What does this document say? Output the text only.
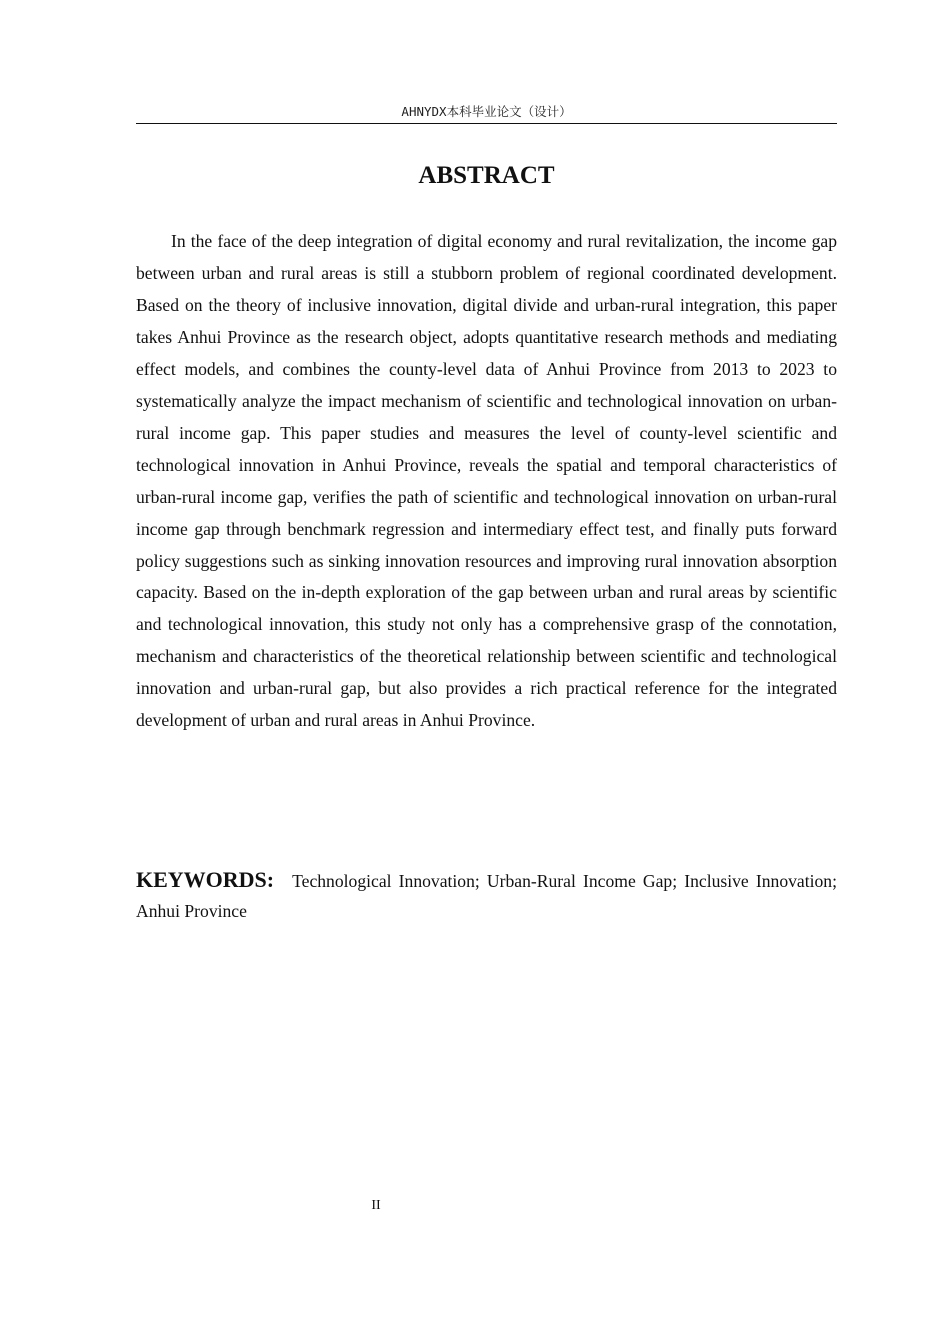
AHNYDX本科毕业论文（设计）
ABSTRACT

In the face of the deep integration of digital economy and rural revitalization, the income gap between urban and rural areas is still a stubborn problem of regional coordinated development. Based on the theory of inclusive innovation, digital divide and urban-rural integration, this paper takes Anhui Province as the research object, adopts quantitative research methods and mediating effect models, and combines the county-level data of Anhui Province from 2013 to 2023 to systematically analyze the impact mechanism of scientific and technological innovation on urban-rural income gap. This paper studies and measures the level of county-level scientific and technological innovation in Anhui Province, reveals the spatial and temporal characteristics of urban-rural income gap, verifies the path of scientific and technological innovation on urban-rural income gap through benchmark regression and intermediary effect test, and finally puts forward policy suggestions such as sinking innovation resources and improving rural innovation absorption capacity. Based on the in-depth exploration of the gap between urban and rural areas by scientific and technological innovation, this study not only has a comprehensive grasp of the connotation, mechanism and characteristics of the theoretical relationship between scientific and technological innovation and urban-rural gap, but also provides a rich practical reference for the integrated development of urban and rural areas in Anhui Province.

KEYWORDS: Technological Innovation; Urban-Rural Income Gap; Inclusive Innovation; Anhui Province

II
